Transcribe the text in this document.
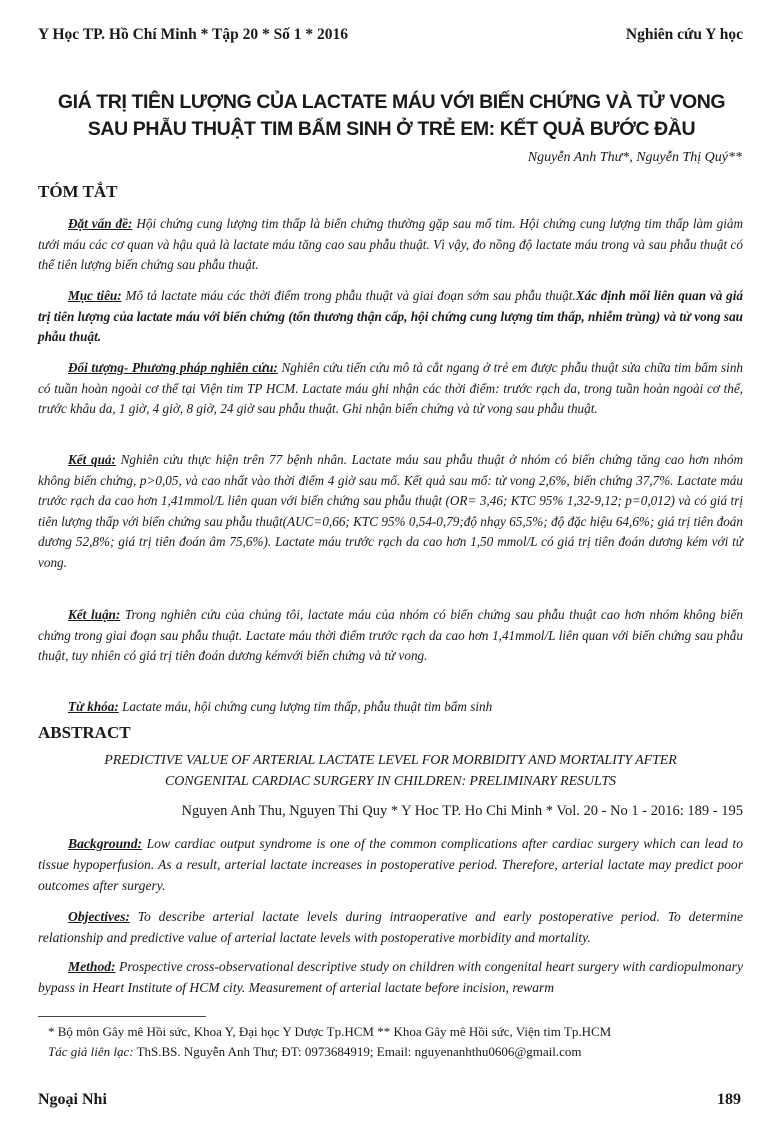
Y Học TP. Hồ Chí Minh * Tập 20 * Số 1 * 2016	Nghiên cứu Y học
GIÁ TRỊ TIÊN LƯỢNG CỦA LACTATE MÁU VỚI BIẾN CHỨNG VÀ TỬ VONG
SAU PHẪU THUẬT TIM BẨM SINH Ở TRẺ EM: KẾT QUẢ BƯỚC ĐẦU
Nguyễn Anh Thư*, Nguyễn Thị Quý**
TÓM TẮT
Đặt vấn đề: Hội chứng cung lượng tim thấp là biến chứng thường gặp sau mổ tim. Hội chứng cung lượng tim thấp làm giảm tưới máu các cơ quan và hậu quả là lactate máu tăng cao sau phẫu thuật. Vì vậy, đo nồng độ lactate máu trong và sau phẫu thuật có thể tiên lượng biến chứng sau phẫu thuật.
Mục tiêu: Mô tả lactate máu các thời điểm trong phẫu thuật và giai đoạn sớm sau phẫu thuật.Xác định mối liên quan và giá trị tiên lượng của lactate máu với biến chứng (tổn thương thận cấp, hội chứng cung lượng tim thấp, nhiễm trùng) và tử vong sau phẫu thuật.
Đối tượng- Phương pháp nghiên cứu: Nghiên cứu tiến cứu mô tả cắt ngang ở trẻ em được phẫu thuật sửa chữa tim bẩm sinh có tuần hoàn ngoài cơ thể tại Viện tim TP HCM. Lactate máu ghi nhận các thời điểm: trước rạch da, trong tuần hoàn ngoài cơ thể, trước khâu da, 1 giờ, 4 giờ, 8 giờ, 24 giờ sau phẫu thuật. Ghi nhận biến chứng và tử vong sau phẫu thuật.
Kết quả: Nghiên cứu thực hiện trên 77 bệnh nhân. Lactate máu sau phẫu thuật ở nhóm có biến chứng tăng cao hơn nhóm không biến chứng, p>0,05, và cao nhất vào thời điểm 4 giờ sau mổ. Kết quả sau mổ: tử vong 2,6%, biến chứng 37,7%. Lactate máu trước rạch da cao hơn 1,41mmol/L liên quan với biến chứng sau phẫu thuật (OR= 3,46; KTC 95% 1,32-9,12; p=0,012) và có giá trị tiên lượng thấp với biến chứng sau phẫu thuật(AUC=0,66; KTC 95% 0,54-0,79;độ nhạy 65,5%; độ đặc hiệu 64,6%; giá trị tiên đoán dương 52,8%; giá trị tiên đoán âm 75,6%). Lactate máu trước rạch da cao hơn 1,50 mmol/L có giá trị tiên đoán dương kém với tử vong.
Kết luận: Trong nghiên cứu của chúng tôi, lactate máu của nhóm có biến chứng sau phẫu thuật cao hơn nhóm không biến chứng trong giai đoạn sau phẫu thuật. Lactate máu thời điểm trước rạch da cao hơn 1,41mmol/L liên quan với biến chứng sau phẫu thuật, tuy nhiên có giá trị tiên đoán dương kémvới biến chứng và tử vong.
Từ khóa: Lactate máu, hội chứng cung lượng tim thấp, phẫu thuật tim bẩm sinh
ABSTRACT
PREDICTIVE VALUE OF ARTERIAL LACTATE LEVEL FOR MORBIDITY AND MORTALITY AFTER
CONGENITAL CARDIAC SURGERY IN CHILDREN: PRELIMINARY RESULTS
Nguyen Anh Thu, Nguyen Thi Quy * Y Hoc TP. Ho Chi Minh * Vol. 20 - No 1 - 2016: 189 - 195
Background: Low cardiac output syndrome is one of the common complications after cardiac surgery which can lead to tissue hypoperfusion. As a result, arterial lactate increases in postoperative period. Therefore, arterial lactate may predict poor outcomes after surgery.
Objectives: To describe arterial lactate levels during intraoperative and early postoperative period. To determine relationship and predictive value of arterial lactate levels with postoperative morbidity and mortality.
Method: Prospective cross-observational descriptive study on children with congenital heart surgery with cardiopulmonary bypass in Heart Institute of HCM city. Measurement of arterial lactate before incision, rewarm
* Bộ môn Gây mê Hồi sức, Khoa Y, Đại học Y Dược Tp.HCM ** Khoa Gây mê Hồi sức, Viện tim Tp.HCM
Tác giả liên lạc: ThS.BS. Nguyễn Anh Thư; ĐT: 0973684919; Email: nguyenanhthu0606@gmail.com
Ngoại Nhi	189
